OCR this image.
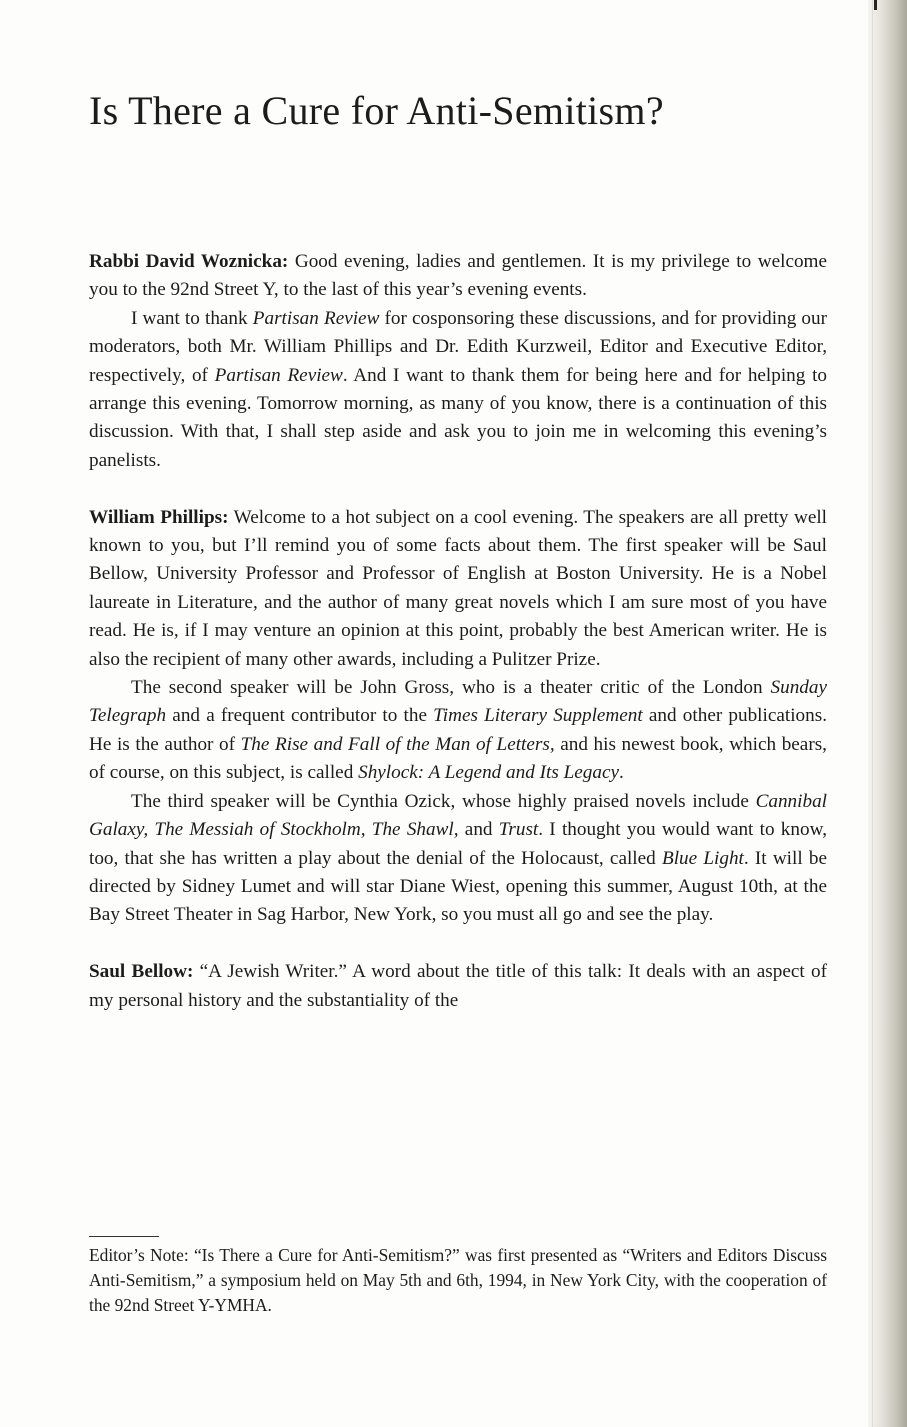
Is There a Cure for Anti-Semitism?

Rabbi David Woznicka: Good evening, ladies and gentlemen. It is my privilege to welcome you to the 92nd Street Y, to the last of this year’s evening events.

I want to thank Partisan Review for cosponsoring these discussions, and for providing our moderators, both Mr. William Phillips and Dr. Edith Kurzweil, Editor and Executive Editor, respectively, of Partisan Review. And I want to thank them for being here and for helping to arrange this evening. Tomorrow morning, as many of you know, there is a continuation of this discussion. With that, I shall step aside and ask you to join me in welcoming this evening’s panelists.

William Phillips: Welcome to a hot subject on a cool evening. The speakers are all pretty well known to you, but I’ll remind you of some facts about them. The first speaker will be Saul Bellow, University Professor and Professor of English at Boston University. He is a Nobel laureate in Literature, and the author of many great novels which I am sure most of you have read. He is, if I may venture an opinion at this point, probably the best American writer. He is also the recipient of many other awards, including a Pulitzer Prize.

The second speaker will be John Gross, who is a theater critic of the London Sunday Telegraph and a frequent contributor to the Times Literary Supplement and other publications. He is the author of The Rise and Fall of the Man of Letters, and his newest book, which bears, of course, on this subject, is called Shylock: A Legend and Its Legacy.

The third speaker will be Cynthia Ozick, whose highly praised novels include Cannibal Galaxy, The Messiah of Stockholm, The Shawl, and Trust. I thought you would want to know, too, that she has written a play about the denial of the Holocaust, called Blue Light. It will be directed by Sidney Lumet and will star Diane Wiest, opening this summer, August 10th, at the Bay Street Theater in Sag Harbor, New York, so you must all go and see the play.

Saul Bellow: “A Jewish Writer.” A word about the title of this talk: It deals with an aspect of my personal history and the substantiality of the

Editor’s Note: “Is There a Cure for Anti-Semitism?” was first presented as “Writers and Editors Discuss Anti-Semitism,” a symposium held on May 5th and 6th, 1994, in New York City, with the cooperation of the 92nd Street Y-YMHA.
